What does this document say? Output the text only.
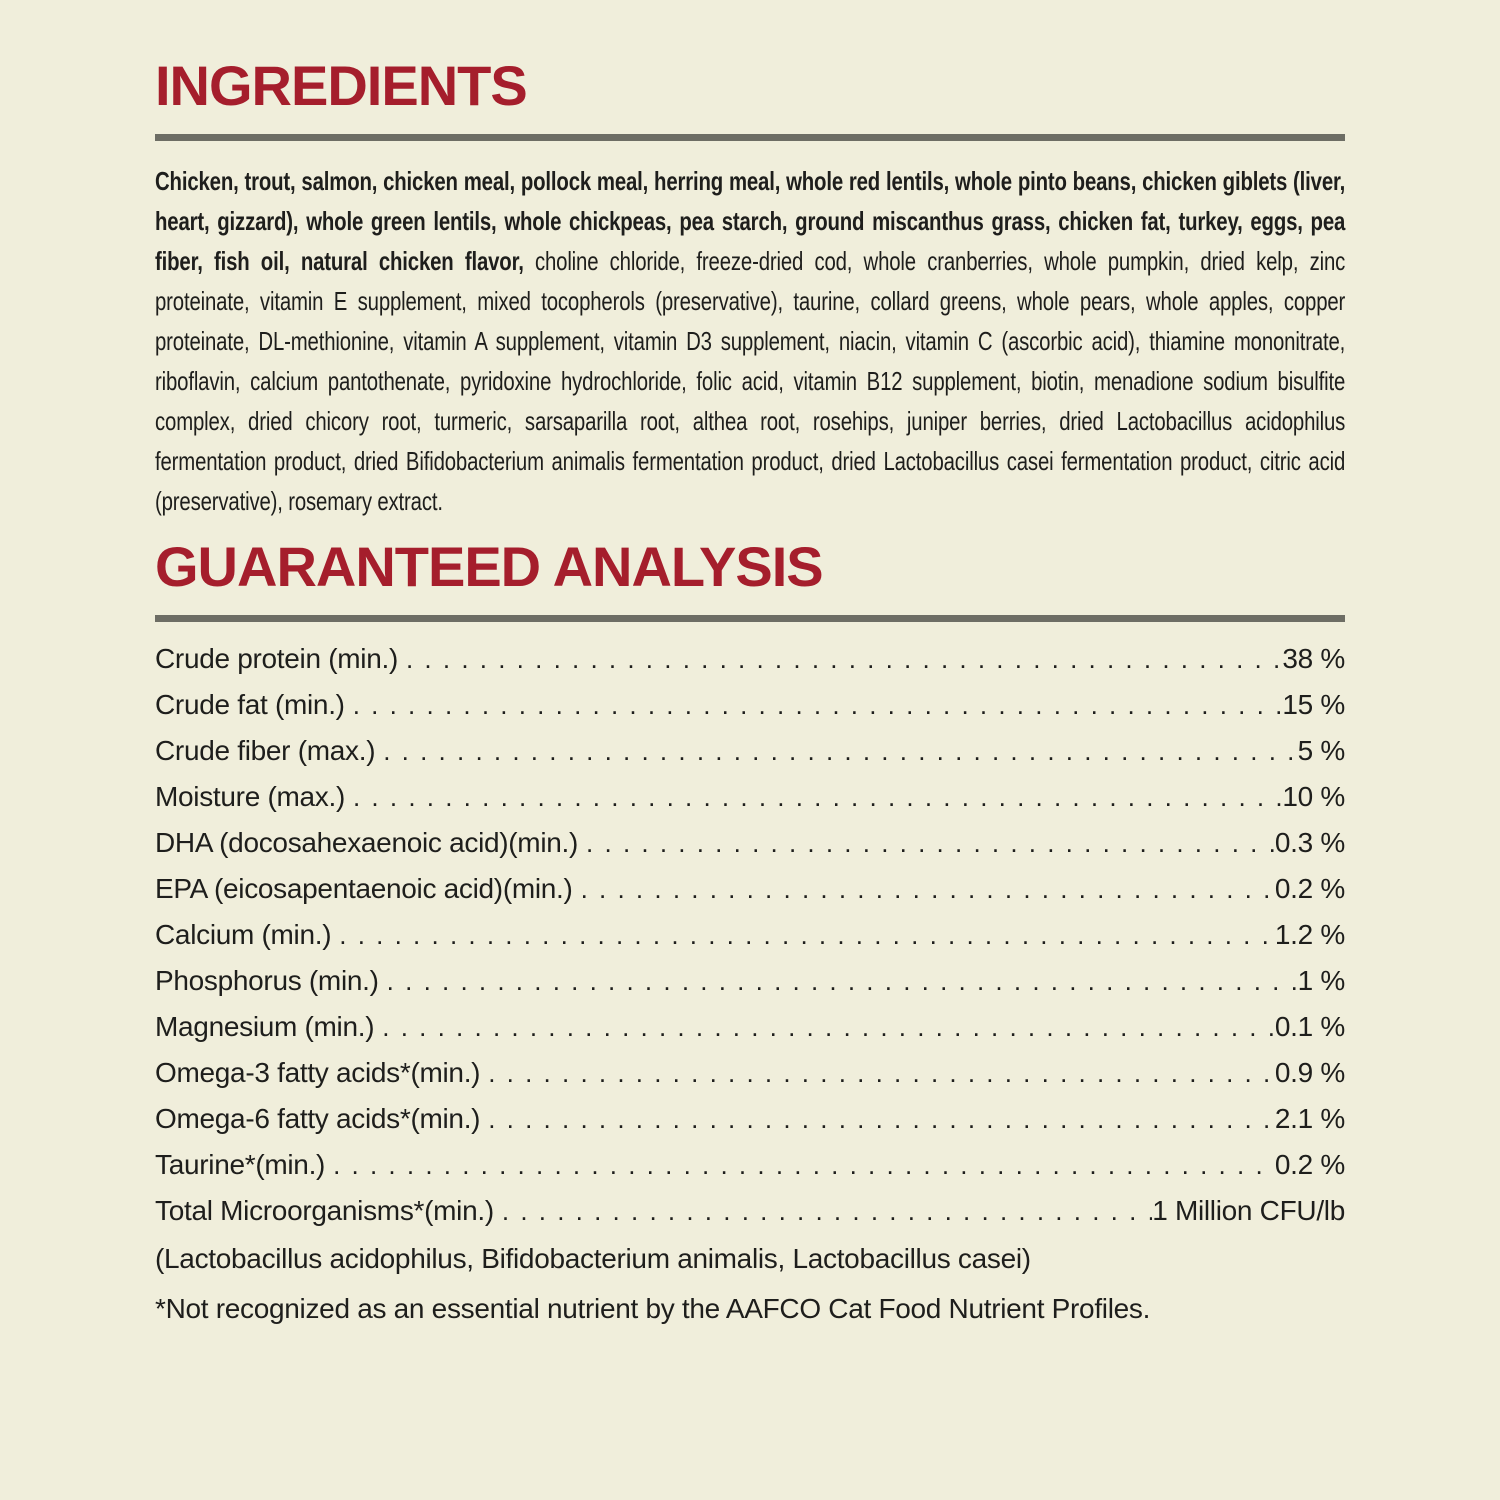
INGREDIENTS

Chicken, trout, salmon, chicken meal, pollock meal, herring meal, whole red lentils, whole pinto beans, chicken giblets (liver, heart, gizzard), whole green lentils, whole chickpeas, pea starch, ground miscanthus grass, chicken fat, turkey, eggs, pea fiber, fish oil, natural chicken flavor, choline chloride, freeze-dried cod, whole cranberries, whole pumpkin, dried kelp, zinc proteinate, vitamin E supplement, mixed tocopherols (preservative), taurine, collard greens, whole pears, whole apples, copper proteinate, DL-methionine, vitamin A supplement, vitamin D3 supplement, niacin, vitamin C (ascorbic acid), thiamine mononitrate, riboflavin, calcium pantothenate, pyridoxine hydrochloride, folic acid, vitamin B12 supplement, biotin, menadione sodium bisulfite complex, dried chicory root, turmeric, sarsaparilla root, althea root, rosehips, juniper berries, dried Lactobacillus acidophilus fermentation product, dried Bifidobacterium animalis fermentation product, dried Lactobacillus casei fermentation product, citric acid (preservative), rosemary extract.

GUARANTEED ANALYSIS
Crude protein (min.) . . .	38 %
Crude fat (min.) . . .	15 %
Crude fiber (max.) . . .	5 %
Moisture (max.) . . .	10 %
DHA (docosahexaenoic acid)(min.) . . .	0.3 %
EPA (eicosapentaenoic acid)(min.) . . .	0.2 %
Calcium (min.) . . .	1.2 %
Phosphorus (min.) . . .	1 %
Magnesium (min.) . . .	0.1 %
Omega-3 fatty acids*(min.) . . .	0.9 %
Omega-6 fatty acids*(min.) . . .	2.1 %
Taurine*(min.) . . .	0.2 %
Total Microorganisms*(min.) . . .	1 Million CFU/lb

(Lactobacillus acidophilus, Bifidobacterium animalis, Lactobacillus casei)

*Not recognized as an essential nutrient by the AAFCO Cat Food Nutrient Profiles.
